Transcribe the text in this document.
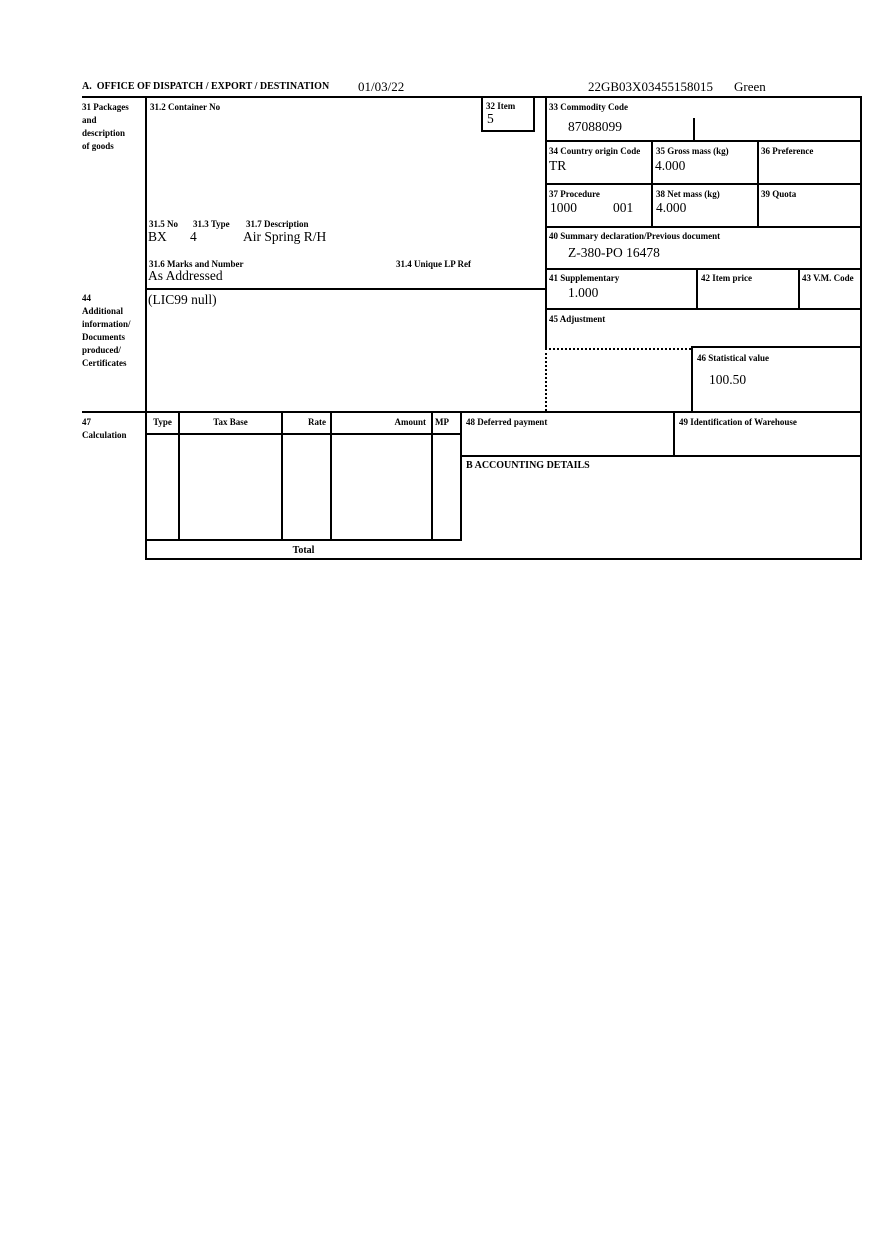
A.  OFFICE OF DISPATCH / EXPORT / DESTINATION 01/03/22	22GB03X03455158015 Green
31 Packages
and
description
of goods
31.2 Container No	32 Item
5
31.5 No 31.3 Type 31.7 Description
BX 4	Air Spring R/H
31.6 Marks and Number	31.4 Unique LP Ref
As Addressed
44
Additional
information/
Documents
produced/
Certificates
(LIC99 null)
33 Commodity Code
87088099
34 Country origin Code
TR
35 Gross mass (kg)
4.000
36 Preference
37 Procedure
1000	001
38 Net mass (kg)
4.000
39 Quota
40 Summary declaration/Previous document
Z-380-PO 16478
41 Supplementary
1.000
42 Item price	43 V.M. Code
45 Adjustment
46 Statistical value
100.50
47
Calculation
Type	Tax Base	Rate	Amount MP
Total
48 Deferred payment	49 Identification of Warehouse
B ACCOUNTING DETAILS
